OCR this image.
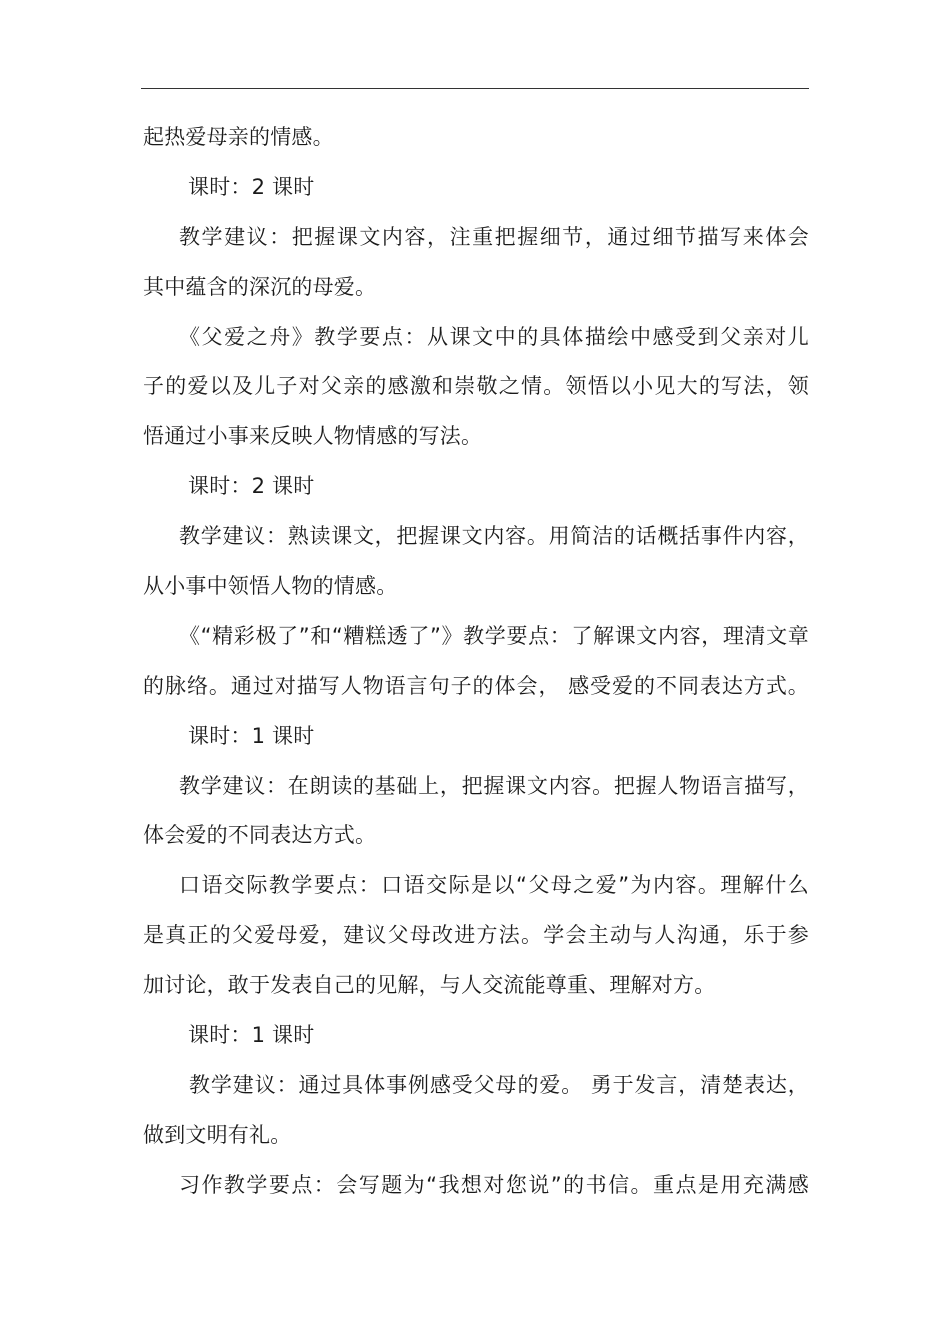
起热爱母亲的情感。
课时：2 课时
教学建议：把握课文内容，注重把握细节，通过细节描写来体会
其中蕴含的深沉的母爱。
《父爱之舟》教学要点：从课文中的具体描绘中感受到父亲对儿
子的爱以及儿子对父亲的感激和崇敬之情。领悟以小见大的写法，领
悟通过小事来反映人物情感的写法。
课时：2 课时
教学建议：熟读课文，把握课文内容。用简洁的话概括事件内容，
从小事中领悟人物的情感。
《“精彩极了”和“糟糕透了”》教学要点：了解课文内容，理清文章
的脉络。通过对描写人物语言句子的体会， 感受爱的不同表达方式。
课时：1 课时
教学建议：在朗读的基础上，把握课文内容。把握人物语言描写，
体会爱的不同表达方式。
口语交际教学要点：口语交际是以“父母之爱”为内容。理解什么
是真正的父爱母爱，建议父母改进方法。学会主动与人沟通，乐于参
加讨论，敢于发表自己的见解，与人交流能尊重、理解对方。
课时：1 课时
教学建议：通过具体事例感受父母的爱。 勇于发言，清楚表达，
做到文明有礼。
习作教学要点：会写题为“我想对您说”的书信。重点是用充满感
